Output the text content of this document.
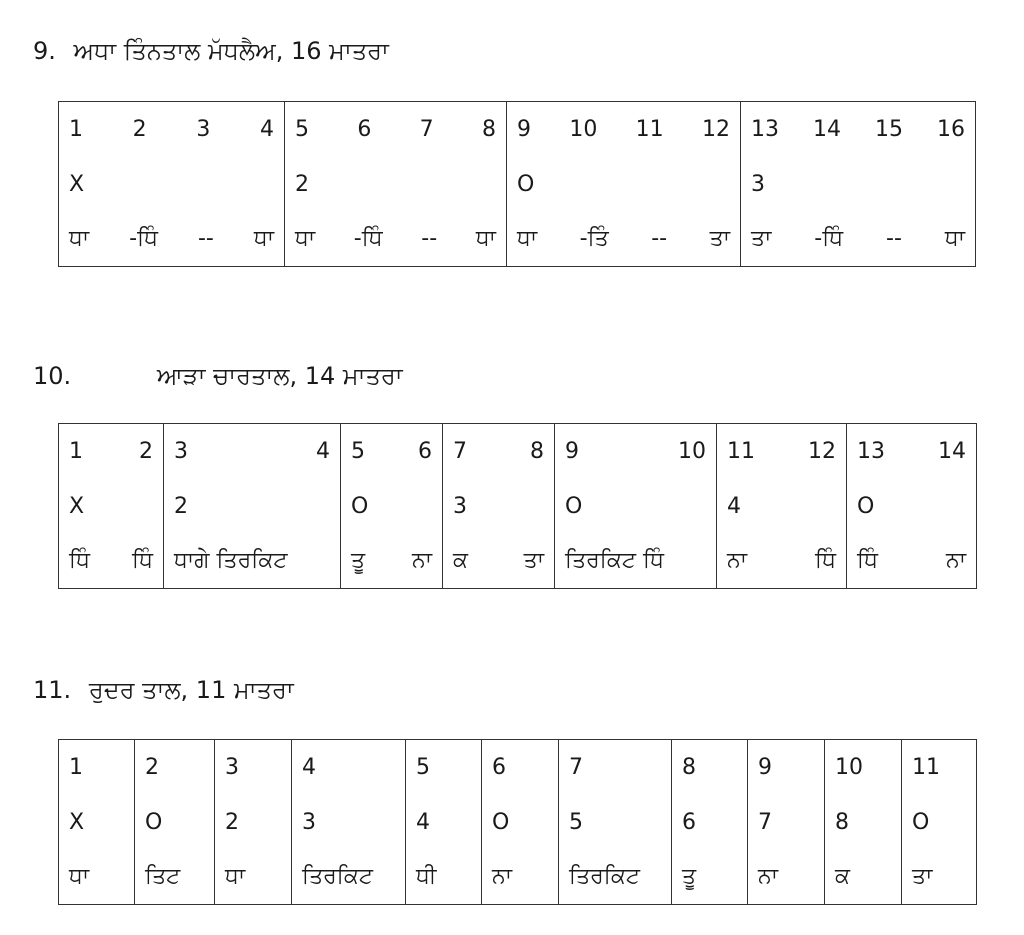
9. ਅਧਾ ਤਿੰਨਤਾਲ ਮੱਧਲੈਅ, 16 ਮਾਤਰਾ
1 2 3 4	5 6 7 8	9 10 11 12	13 14 15 16

X	2	O	3

ਧਾ -ਧਿੰ -- ਧਾ	ਧਾ -ਧਿੰ -- ਧਾ	ਧਾ -ਤਿੰ -- ਤਾ	ਤਾ -ਧਿੰ -- ਧਾ
10.	ਆੜਾ ਚਾਰਤਾਲ, 14 ਮਾਤਰਾ
1 2	3 4	5 6	7 8	9 10	11 12	13 14

X	2	O	3	O	4	O

ਧਿੰ ਧਿੰ	ਧਾਗੇ ਤਿਰਕਿਟ	ਤੂ ਨਾ	ਕ ਤਾ	ਤਿਰਕਿਟ ਧਿੰ	ਨਾ ਧਿੰ	ਧਿੰ ਨਾ
11. ਰੁਦਰ ਤਾਲ, 11 ਮਾਤਰਾ
1	2	3	4	5	6	7	8	9	10	11
X	O	2	3	4	O	5	6	7	8	O
ਧਾ	ਤਿਟ	ਧਾ	ਤਿਰਕਿਟ	ਧੀ	ਨਾ	ਤਿਰਕਿਟ	ਤੂ	ਨਾ	ਕ	ਤਾ
